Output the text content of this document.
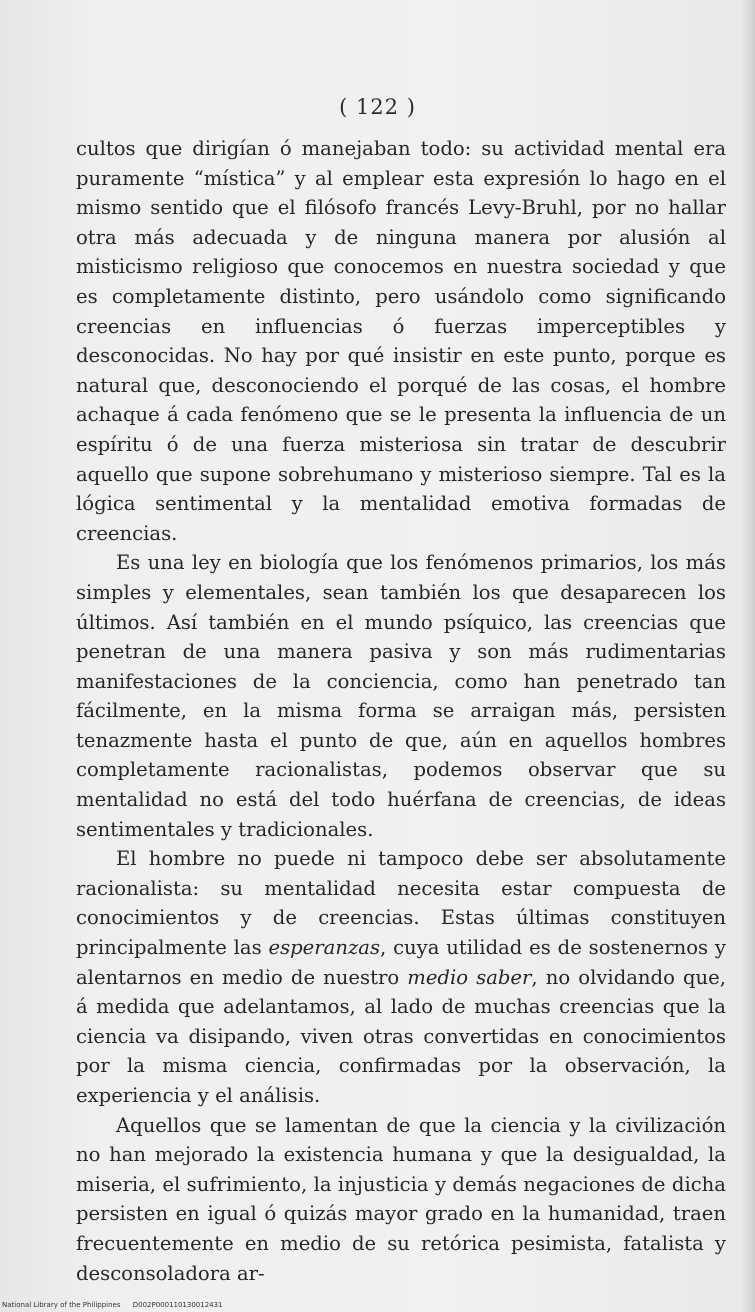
( 122 )

cultos que dirigían ó manejaban todo: su actividad mental era puramente “mística” y al emplear esta expresión lo hago en el mismo sentido que el filósofo francés Levy-Bruhl, por no hallar otra más adecuada y de ninguna manera por alusión al misticismo religioso que conocemos en nuestra sociedad y que es completamente distinto, pero usándolo como significando creencias en influencias ó fuerzas imperceptibles y desconocidas. No hay por qué insistir en este punto, porque es natural que, desconociendo el porqué de las cosas, el hombre achaque á cada fenómeno que se le presenta la influencia de un espíritu ó de una fuerza misteriosa sin tratar de descubrir aquello que supone sobrehumano y misterioso siempre. Tal es la lógica sentimental y la mentalidad emotiva formadas de creencias.

Es una ley en biología que los fenómenos primarios, los más simples y elementales, sean también los que desaparecen los últimos. Así también en el mundo psíquico, las creencias que penetran de una manera pasiva y son más rudimentarias manifestaciones de la conciencia, como han penetrado tan fácilmente, en la misma forma se arraigan más, persisten tenazmente hasta el punto de que, aún en aquellos hombres completamente racionalistas, podemos observar que su mentalidad no está del todo huérfana de creencias, de ideas sentimentales y tradicionales.

El hombre no puede ni tampoco debe ser absolutamente racionalista: su mentalidad necesita estar compuesta de conocimientos y de creencias. Estas últimas constituyen principalmente las esperanzas, cuya utilidad es de sostenernos y alentarnos en medio de nuestro medio saber, no olvidando que, á medida que adelantamos, al lado de muchas creencias que la ciencia va disipando, viven otras convertidas en conocimientos por la misma ciencia, confirmadas por la observación, la experiencia y el análisis.

Aquellos que se lamentan de que la ciencia y la civilización no han mejorado la existencia humana y que la desigualdad, la miseria, el sufrimiento, la injusticia y demás negaciones de dicha persisten en igual ó quizás mayor grado en la humanidad, traen frecuentemente en medio de su retórica pesimista, fatalista y desconsoladora ar-

National Library of the Philippines D002P000110130012431
